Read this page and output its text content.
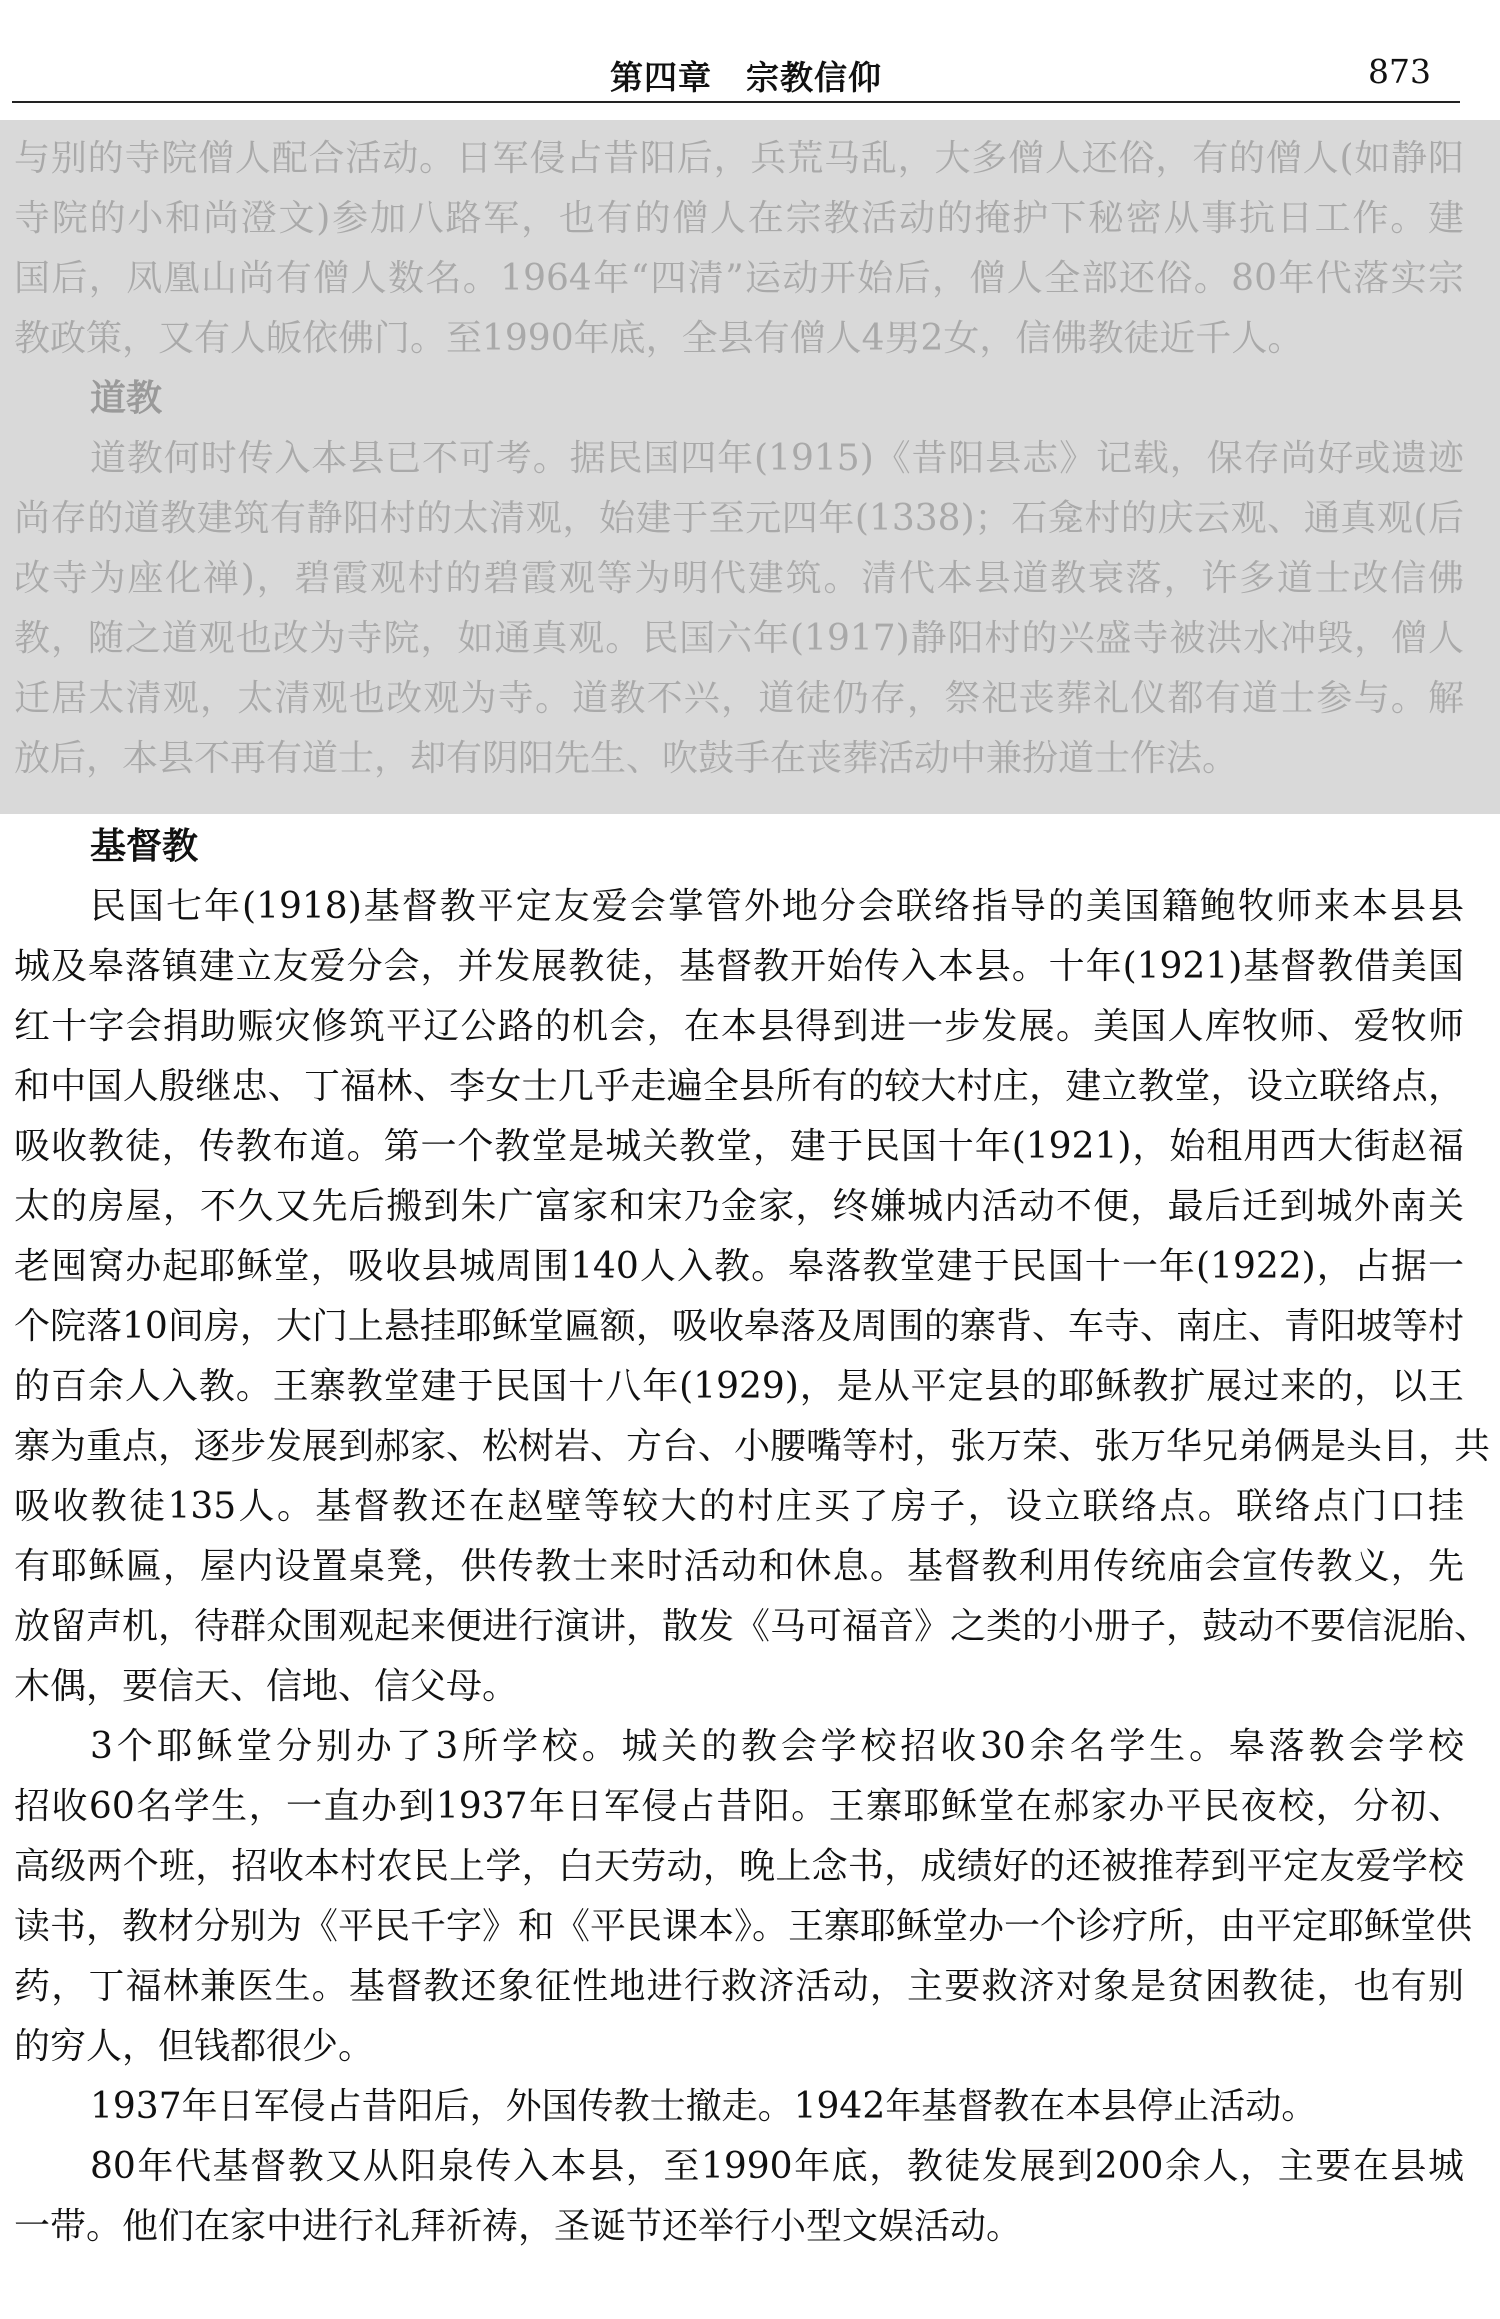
第四章　宗教信仰	873
与别的寺院僧人配合活动。日军侵占昔阳后，兵荒马乱，大多僧人还俗，有的僧人(如静阳
寺院的小和尚澄文)参加八路军，也有的僧人在宗教活动的掩护下秘密从事抗日工作。建
国后，凤凰山尚有僧人数名。1964年“四清”运动开始后，僧人全部还俗。80年代落实宗
教政策，又有人皈依佛门。至1990年底，全县有僧人4男2女，信佛教徒近千人。
道教
道教何时传入本县已不可考。据民国四年(1915)《昔阳县志》记载，保存尚好或遗迹
尚存的道教建筑有静阳村的太清观，始建于至元四年(1338)；石龛村的庆云观、通真观(后
改寺为座化禅)，碧霞观村的碧霞观等为明代建筑。清代本县道教衰落，许多道士改信佛
教，随之道观也改为寺院，如通真观。民国六年(1917)静阳村的兴盛寺被洪水冲毁，僧人
迁居太清观，太清观也改观为寺。道教不兴，道徒仍存，祭祀丧葬礼仪都有道士参与。解
放后，本县不再有道士，却有阴阳先生、吹鼓手在丧葬活动中兼扮道士作法。
基督教
民国七年(1918)基督教平定友爱会掌管外地分会联络指导的美国籍鲍牧师来本县县
城及皋落镇建立友爱分会，并发展教徒，基督教开始传入本县。十年(1921)基督教借美国
红十字会捐助赈灾修筑平辽公路的机会，在本县得到进一步发展。美国人库牧师、爱牧师
和中国人殷继忠、丁福林、李女士几乎走遍全县所有的较大村庄，建立教堂，设立联络点，
吸收教徒，传教布道。第一个教堂是城关教堂，建于民国十年(1921)，始租用西大街赵福
太的房屋，不久又先后搬到朱广富家和宋乃金家，终嫌城内活动不便，最后迁到城外南关
老囤窝办起耶稣堂，吸收县城周围140人入教。皋落教堂建于民国十一年(1922)，占据一
个院落10间房，大门上悬挂耶稣堂匾额，吸收皋落及周围的寨背、车寺、南庄、青阳坡等村
的百余人入教。王寨教堂建于民国十八年(1929)，是从平定县的耶稣教扩展过来的，以王
寨为重点，逐步发展到郝家、松树岩、方台、小腰嘴等村，张万荣、张万华兄弟俩是头目，共
吸收教徒135人。基督教还在赵壁等较大的村庄买了房子，设立联络点。联络点门口挂
有耶稣匾，屋内设置桌凳，供传教士来时活动和休息。基督教利用传统庙会宣传教义，先
放留声机，待群众围观起来便进行演讲，散发《马可福音》之类的小册子，鼓动不要信泥胎、
木偶，要信天、信地、信父母。
3个耶稣堂分别办了3所学校。城关的教会学校招收30余名学生。皋落教会学校
招收60名学生，一直办到1937年日军侵占昔阳。王寨耶稣堂在郝家办平民夜校，分初、
高级两个班，招收本村农民上学，白天劳动，晚上念书，成绩好的还被推荐到平定友爱学校
读书，教材分别为《平民千字》和《平民课本》。王寨耶稣堂办一个诊疗所，由平定耶稣堂供
药，丁福林兼医生。基督教还象征性地进行救济活动，主要救济对象是贫困教徒，也有别
的穷人，但钱都很少。
1937年日军侵占昔阳后，外国传教士撤走。1942年基督教在本县停止活动。
80年代基督教又从阳泉传入本县，至1990年底，教徒发展到200余人，主要在县城
一带。他们在家中进行礼拜祈祷，圣诞节还举行小型文娱活动。
